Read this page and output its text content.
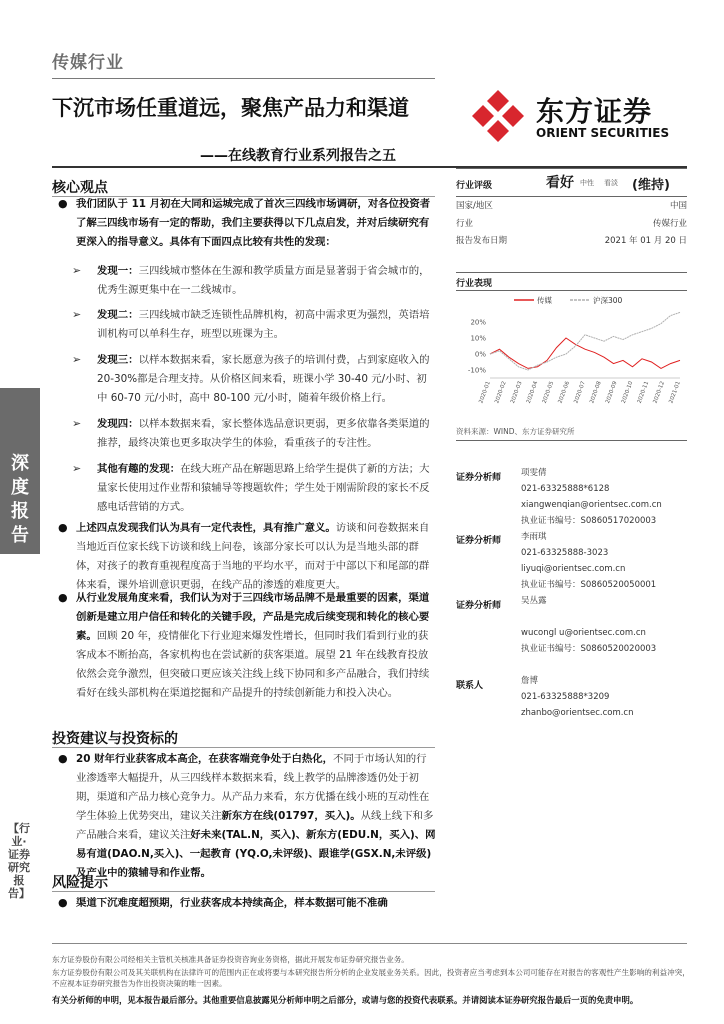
传媒行业
东方证券
ORIENT SECURITIES
下沉市场任重道远，聚焦产品力和渠道
——在线教育行业系列报告之五
深度报告
【行业·证券研究报告】
核心观点
● 我们团队于 11 月初在大同和运城完成了首次三四线市场调研，对各位投资者了解三四线市场有一定的帮助，我们主要获得以下几点启发，并对后续研究有更深入的指导意义。具体有下面四点比较有共性的发现：
➢ 发现一：三四线城市整体在生源和教学质量方面是显著弱于省会城市的，优秀生源更集中在一二线城市。
➢ 发现二：三四线城市缺乏连锁性品牌机构，初高中需求更为强烈，英语培训机构可以单科生存，班型以班课为主。
➢ 发现三：以样本数据来看，家长愿意为孩子的培训付费，占到家庭收入的 20-30%都是合理支持。从价格区间来看，班课小学 30-40 元/小时、初中 60-70 元/小时，高中 80-100 元/小时，随着年级价格上行。
➢ 发现四：以样本数据来看，家长整体选品意识更弱，更多依靠各类渠道的推荐，最终决策也更多取决学生的体验，看重孩子的专注性。
➢ 其他有趣的发现：在线大班产品在解题思路上给学生提供了新的方法；大量家长使用过作业帮和猿辅导等搜题软件；学生处于刚需阶段的家长不反感电话营销的方式。
● 上述四点发现我们认为具有一定代表性，具有推广意义。访谈和问卷数据来自当地近百位家长线下访谈和线上问卷，该部分家长可以认为是当地头部的群体，对孩子的教育重视程度高于当地的平均水平，而对于中部以下和尾部的群体来看，课外培训意识更弱，在线产品的渗透的难度更大。
● 从行业发展角度来看，我们认为对于三四线市场品牌不是最重要的因素，渠道创新是建立用户信任和转化的关键手段，产品是完成后续变现和转化的核心要素。回顾 20 年，疫情催化下行业迎来爆发性增长，但同时我们看到行业的获客成本不断抬高，各家机构也在尝试新的获客渠道。展望 21 年在线教育投放依然会竞争激烈，但突破口更应该关注线上线下协同和多产品融合，我们持续看好在线头部机构在渠道挖掘和产品提升的持续创新能力和投入决心。
投资建议与投资标的
● 20 财年行业获客成本高企，在获客端竞争处于白热化，不同于市场认知的行业渗透率大幅提升，从三四线样本数据来看，线上教学的品牌渗透仍处于初期，渠道和产品力核心竞争力。从产品力来看，东方优播在线小班的互动性在学生体验上优势突出，建议关注新东方在线(01797，买入)。从线上线下和多产品融合来看，建议关注好未来(TAL.N，买入)、新东方(EDU.N，买入)、网易有道(DAO.N,买入)、一起教育 (YQ.O,未评级)、跟谁学(GSX.N,未评级)及产业中的猿辅导和作业帮。
风险提示
● 渠道下沉难度超预期，行业获客成本持续高企，样本数据可能不准确
行业评级	看好 中性 看淡 (维持)
国家/地区	中国
行业	传媒行业
报告发布日期	2021 年 01 月 20 日
行业表现
传媒	沪深300
20%
10%
0%
-10%
2020-01 2020-02 2020-03 2020-04 2020-05 2020-06 2020-07 2020-08 2020-09 2020-10 2020-11 2020-12 2021-01
资料来源：WIND、东方证券研究所
证券分析师 项雯倩
021-63325888*6128
xiangwenqian@orientsec.com.cn
执业证书编号：S0860517020003
证券分析师 李雨琪
021-63325888-3023
liyuqi@orientsec.com.cn
执业证书编号：S0860520050001
证券分析师 吴丛露
wucongl u@orientsec.com.cn
执业证书编号：S0860520020003
联系人	詹博
021-63325888*3209
zhanbo@orientsec.com.cn
东方证券股份有限公司经相关主管机关核准具备证券投资咨询业务资格，据此开展发布证券研究报告业务。
东方证券股份有限公司及其关联机构在法律许可的范围内正在或将要与本研究报告所分析的企业发展业务关系。因此，投资者应当考虑到本公司可能存在对报告的客观性产生影响的利益冲突，不应视本证券研究报告为作出投资决策的唯一因素。
有关分析师的申明，见本报告最后部分。其他重要信息披露见分析师申明之后部分，或请与您的投资代表联系。并请阅读本证券研究报告最后一页的免责申明。
